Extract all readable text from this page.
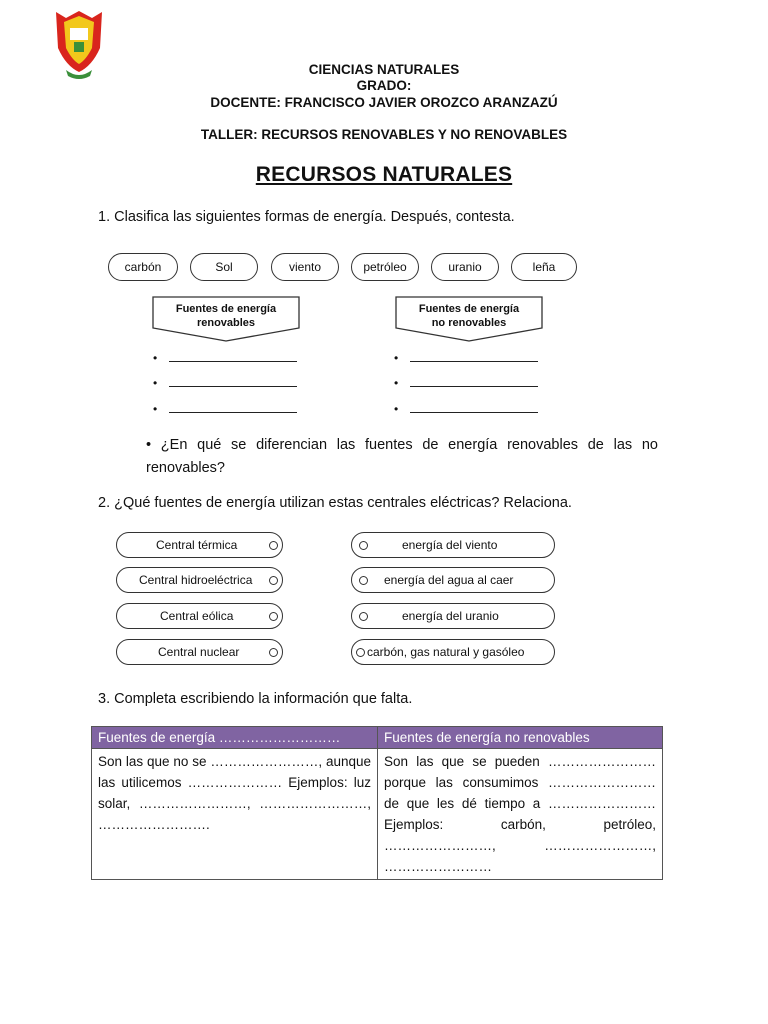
CIENCIAS NATURALES
GRADO:
DOCENTE: FRANCISCO JAVIER OROZCO ARANZAZÚ
TALLER: RECURSOS RENOVABLES Y NO RENOVABLES
RECURSOS NATURALES
1. Clasifica las siguientes formas de energía. Después, contesta.
carbón	Sol	viento	petróleo	uranio	leña
Fuentes de energía
renovables
Fuentes de energía
no renovables
•
•
•
•
•
•
• ¿En qué se diferencian las fuentes de energía renovables de las no renovables?
2. ¿Qué fuentes de energía utilizan estas centrales eléctricas? Relaciona.
Central térmica
Central hidroeléctrica
Central eólica
Central nuclear
energía del viento
energía del agua al caer
energía del uranio
carbón, gas natural y gasóleo
3. Completa escribiendo la información que falta.
Fuentes de energía ………………………	Fuentes de energía no renovables
Son las que no se ……………………, aunque las utilicemos ………………… Ejemplos: luz solar, ……………………, ……………………, …………………….	Son las que se pueden …………………… porque las consumimos …………………… de que les dé tiempo a …………………… Ejemplos: carbón, petróleo, ……………………, ……………………, ……………………
